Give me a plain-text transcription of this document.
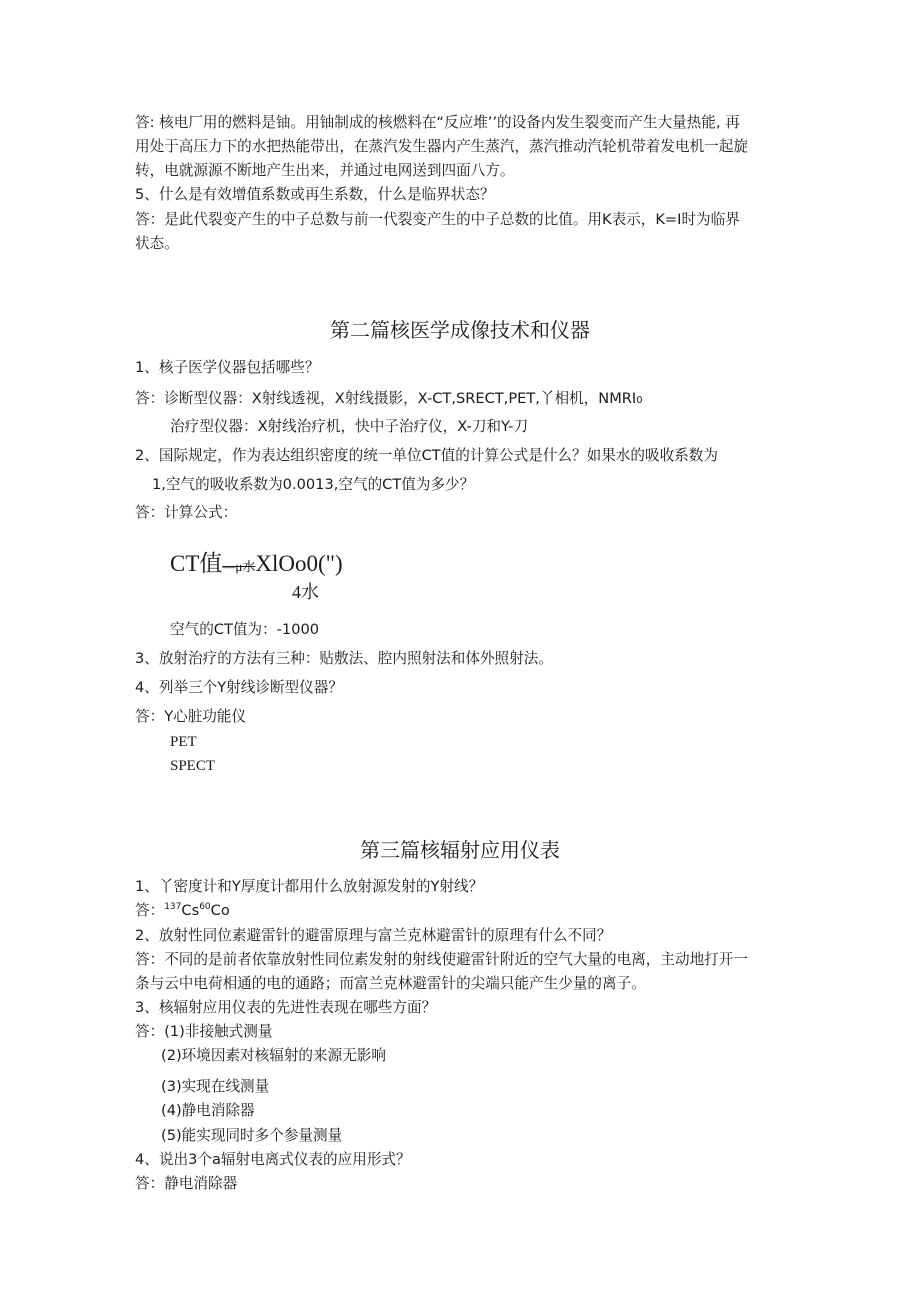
答: 核电厂用的燃料是铀。用铀制成的核燃料在“反应堆’’的设备内发生裂变而产生大量热能, 再
用处于高压力下的水把热能带出，在蒸汽发生器内产生蒸汽，蒸汽推动汽轮机带着发电机一起旋
转，电就源源不断地产生出来，并通过电网送到四面八方。
5、什么是有效增值系数或再生系数，什么是临界状态？
答：是此代裂变产生的中子总数与前一代裂变产生的中子总数的比值。用K表示，K=I时为临界
状态。
第二篇核医学成像技术和仪器
1、核子医学仪器包括哪些？
答：诊断型仪器：X射线透视，X射线摄影，X-CT,SRECT,PET,丫相机，NMRI0
治疗型仪器：X射线治疗机，快中子治疗仪，X-刀和Y-刀
2、国际规定，作为表达组织密度的统一单位CT值的计算公式是什么？如果水的吸收系数为
1,空气的吸收系数为0.0013,空气的CT值为多少？
答：计算公式：
CT值—μ水XlOo0(")
4水
空气的CT值为：-1000
3、放射治疗的方法有三种：贴敷法、腔内照射法和体外照射法。
4、列举三个Y射线诊断型仪器？
答：Y心脏功能仪
PET
SPECT
第三篇核辐射应用仪表
1、丫密度计和Y厚度计都用什么放射源发射的Y射线？
答：$^{137}$Cs$^{60}$Co
2、放射性同位素避雷针的避雷原理与富兰克林避雷针的原理有什么不同？
答：不同的是前者依靠放射性同位素发射的射线使避雷针附近的空气大量的电离，主动地打开一
条与云中电荷相通的电的通路；而富兰克林避雷针的尖端只能产生少量的离子。
3、核辐射应用仪表的先进性表现在哪些方面？
答：(1)非接触式测量
(2)环境因素对核辐射的来源无影响
(3)实现在线测量
(4)静电消除器
(5)能实现同时多个参量测量
4、说出3个a辐射电离式仪表的应用形式？
答：静电消除器
